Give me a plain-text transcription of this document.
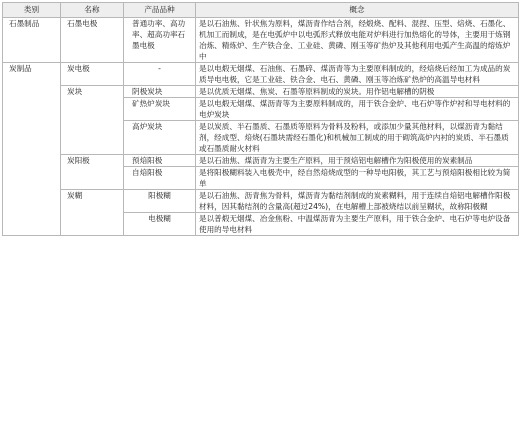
类别	名称	产品品种	概念
石墨制品	石墨电极	普通功率、高功率、超高功率石墨电极	是以石油焦、针状焦为原料，煤沥青作结合剂，经煅烧、配料、混捏、压型、焙烧、石墨化、机加工而制成，是在电弧炉中以电弧形式释放电能对炉料进行加热熔化的导体，主要用于炼钢冶炼、精炼炉、生产铁合金、工业硅、黄磷、刚玉等矿热炉及其他利用电弧产生高温的熔炼炉中
炭制品	炭电极	-	是以电煅无烟煤、石油焦、石墨碎、煤沥青等为主要原料制成的，经焙烧后经加工为成品的炭质导电电极，它是工业硅、铁合金、电石、黄磷、刚玉等冶炼矿热炉的高温导电材料
	炭块	阴极炭块	是以优质无烟煤、焦炭、石墨等原料制成的炭块。用作铝电解槽的阴极
		矿热炉炭块	是以电煅无烟煤、煤沥青等为主要原料制成的，用于铁合金炉、电石炉等作炉衬和导电材料的电炉炭块
		高炉炭块	是以炭质、半石墨质、石墨质等原料为骨料及粉料，或添加少量其他材料，以煤沥青为黏结剂，经成型、焙烧(石墨块需经石墨化)和机械加工制成的用于砌筑高炉内衬的炭质、半石墨质或石墨质耐火材料
	炭阳极	预焙阳极	是以石油焦、煤沥青为主要生产原料，用于预焙铝电解槽作为阳极使用的炭素制品
		自焙阳极	是将阳极糊料装入电极壳中，经自然焙烧成型的一种导电阳极，其工艺与预焙阳极相比较为简单
	炭糊	阳极糊	是以石油焦、沥青焦为骨料，煤沥青为黏结剂制成的炭素糊料，用于连续自焙铝电解槽作阳极材料，因其黏结剂的含量高(超过24%)，在电解槽上部被烧结以前呈糊状，故称阳极糊
		电极糊	是以普煅无烟煤、冶金焦粉、中温煤沥青为主要生产原料，用于铁合金炉、电石炉等电炉设备使用的导电材料
